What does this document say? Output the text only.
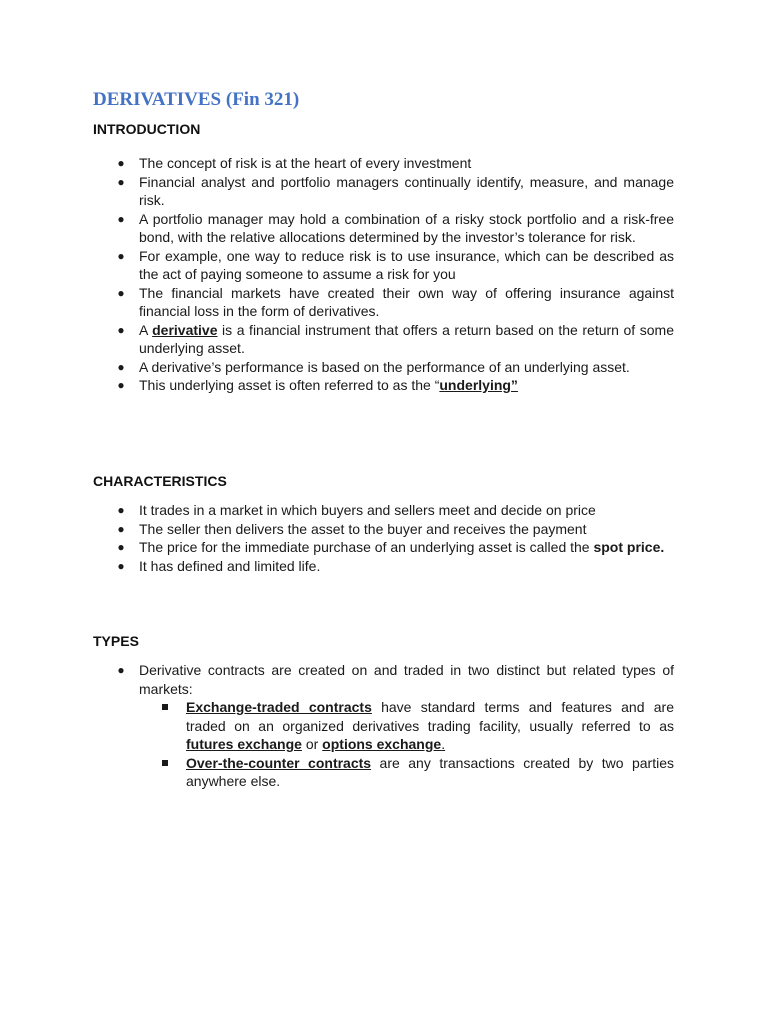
DERIVATIVES (Fin 321)
INTRODUCTION
● The concept of risk is at the heart of every investment
● Financial analyst and portfolio managers continually identify, measure, and manage risk.
● A portfolio manager may hold a combination of a risky stock portfolio and a risk-free bond, with the relative allocations determined by the investor’s tolerance for risk.
● For example, one way to reduce risk is to use insurance, which can be described as the act of paying someone to assume a risk for you
● The financial markets have created their own way of offering insurance against financial loss in the form of derivatives.
● A derivative is a financial instrument that offers a return based on the return of some underlying asset.
● A derivative’s performance is based on the performance of an underlying asset.
● This underlying asset is often referred to as the “underlying”
CHARACTERISTICS
● It trades in a market in which buyers and sellers meet and decide on price
● The seller then delivers the asset to the buyer and receives the payment
● The price for the immediate purchase of an underlying asset is called the spot price.
● It has defined and limited life.
TYPES
● Derivative contracts are created on and traded in two distinct but related types of markets:
Exchange-traded contracts have standard terms and features and are traded on an organized derivatives trading facility, usually referred to as futures exchange or options exchange.
Over-the-counter contracts are any transactions created by two parties anywhere else.
